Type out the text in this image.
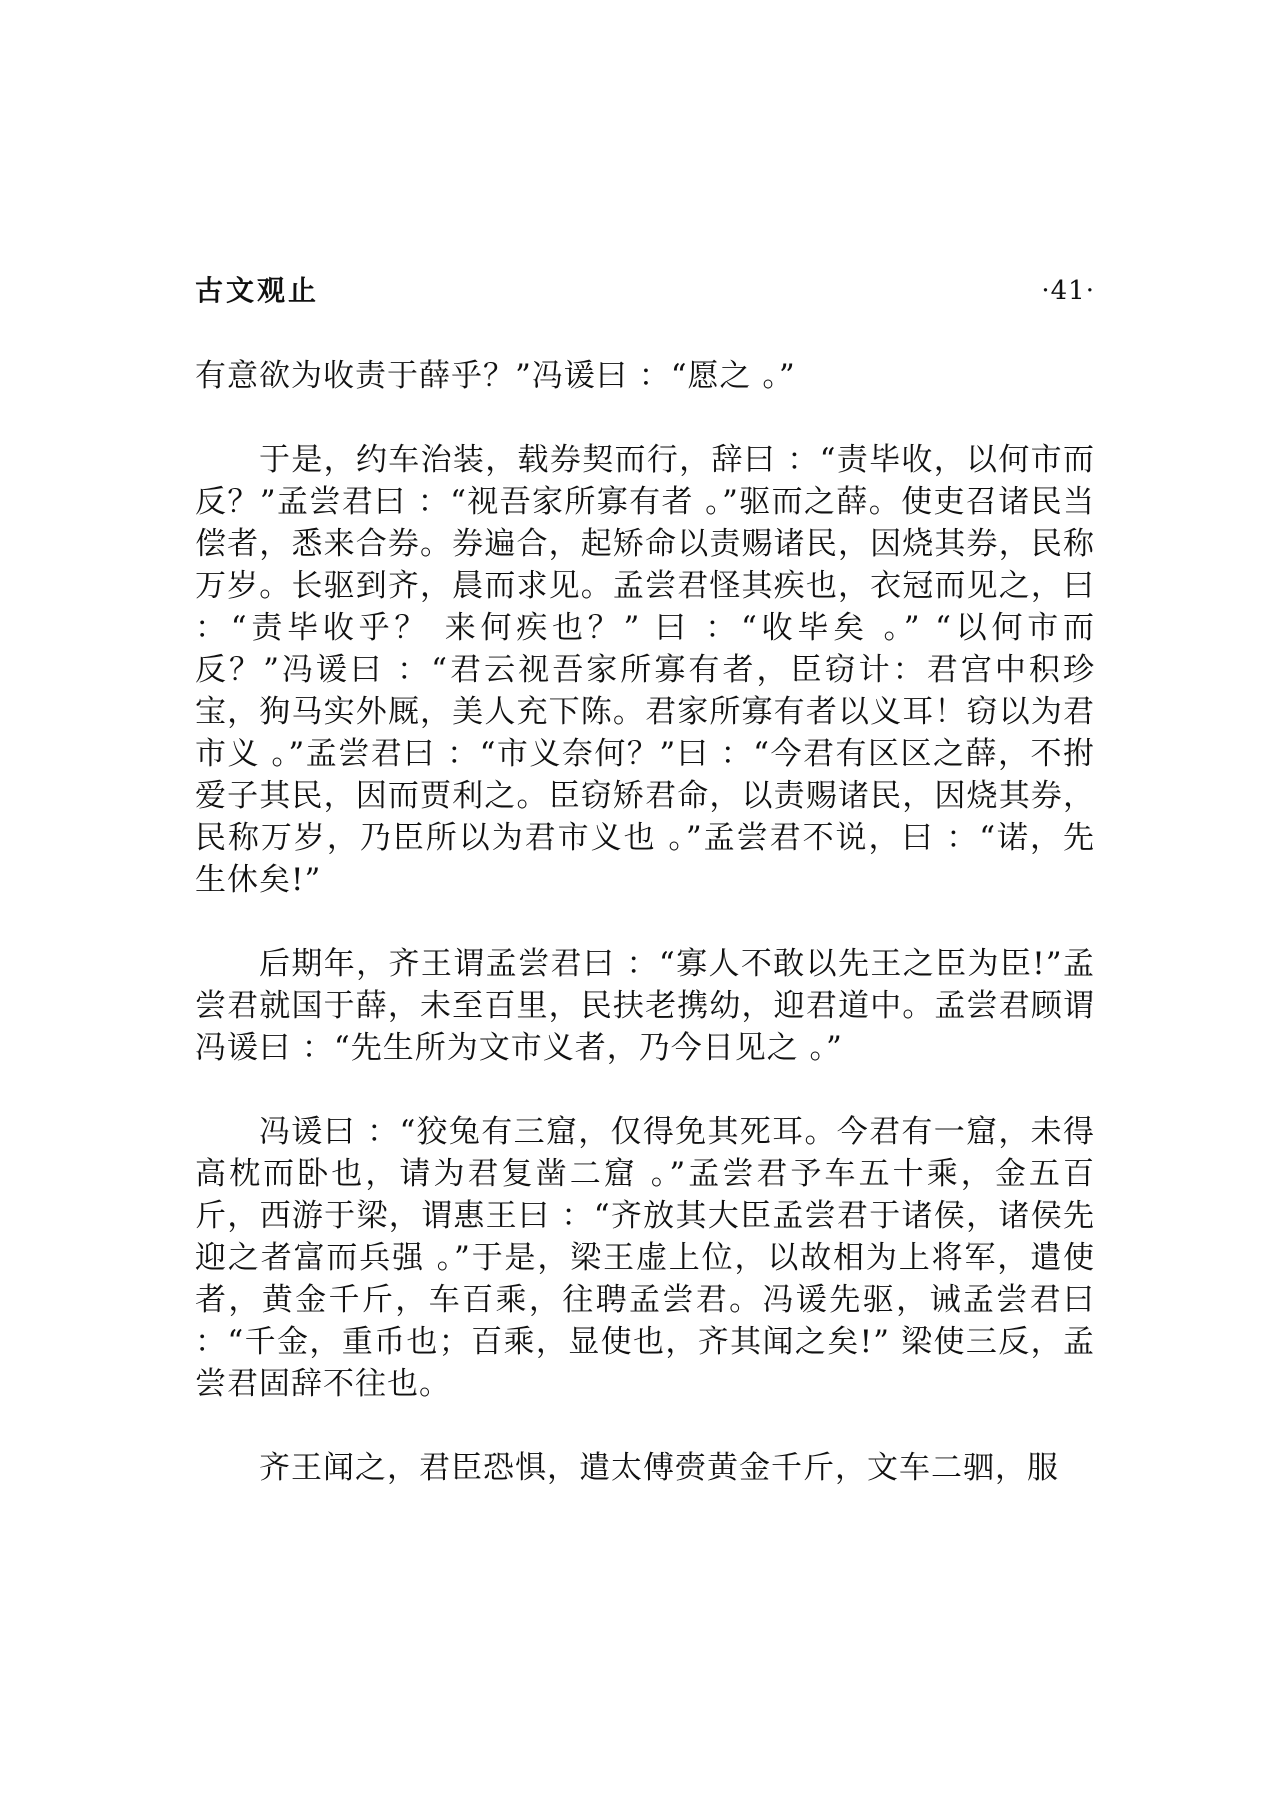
古文观止	·41·

有意欲为收责于薛乎？”冯谖曰 ：“愿之 。”

于是，约车治装，载券契而行，辞曰 ：“责毕收，以何市而反？”孟尝君曰 ：“视吾家所寡有者 。”驱而之薛。使吏召诸民当偿者，悉来合券。券遍合，起矫命以责赐诸民，因烧其券，民称万岁。长驱到齐，晨而求见。孟尝君怪其疾也，衣冠而见之，曰 ：“责毕收乎？ 来何疾也？” 曰 ：“收毕矣 。” “以何市而反？”冯谖曰 ：“君云视吾家所寡有者，臣窃计：君宫中积珍宝，狗马实外厩，美人充下陈。君家所寡有者以义耳！窃以为君市义 。”孟尝君曰 ：“市义奈何？”曰 ：“今君有区区之薛，不拊爱子其民，因而贾利之。臣窃矫君命，以责赐诸民，因烧其券，民称万岁，乃臣所以为君市义也 。”孟尝君不说，曰 ：“诺，先生休矣!”

后期年，齐王谓孟尝君曰 ：“寡人不敢以先王之臣为臣!”孟尝君就国于薛，未至百里，民扶老携幼，迎君道中。孟尝君顾谓冯谖曰 ：“先生所为文市义者，乃今日见之 。”

冯谖曰 ：“狡兔有三窟，仅得免其死耳。今君有一窟，未得高枕而卧也，请为君复凿二窟 。”孟尝君予车五十乘，金五百斤，西游于梁，谓惠王曰 ：“齐放其大臣孟尝君于诸侯，诸侯先迎之者富而兵强 。”于是，梁王虚上位，以故相为上将军，遣使者，黄金千斤，车百乘，往聘孟尝君。冯谖先驱，诫孟尝君曰 ：“千金，重币也；百乘，显使也，齐其闻之矣!” 梁使三反，孟尝君固辞不往也。

齐王闻之，君臣恐惧，遣太傅赍黄金千斤，文车二驷，服
